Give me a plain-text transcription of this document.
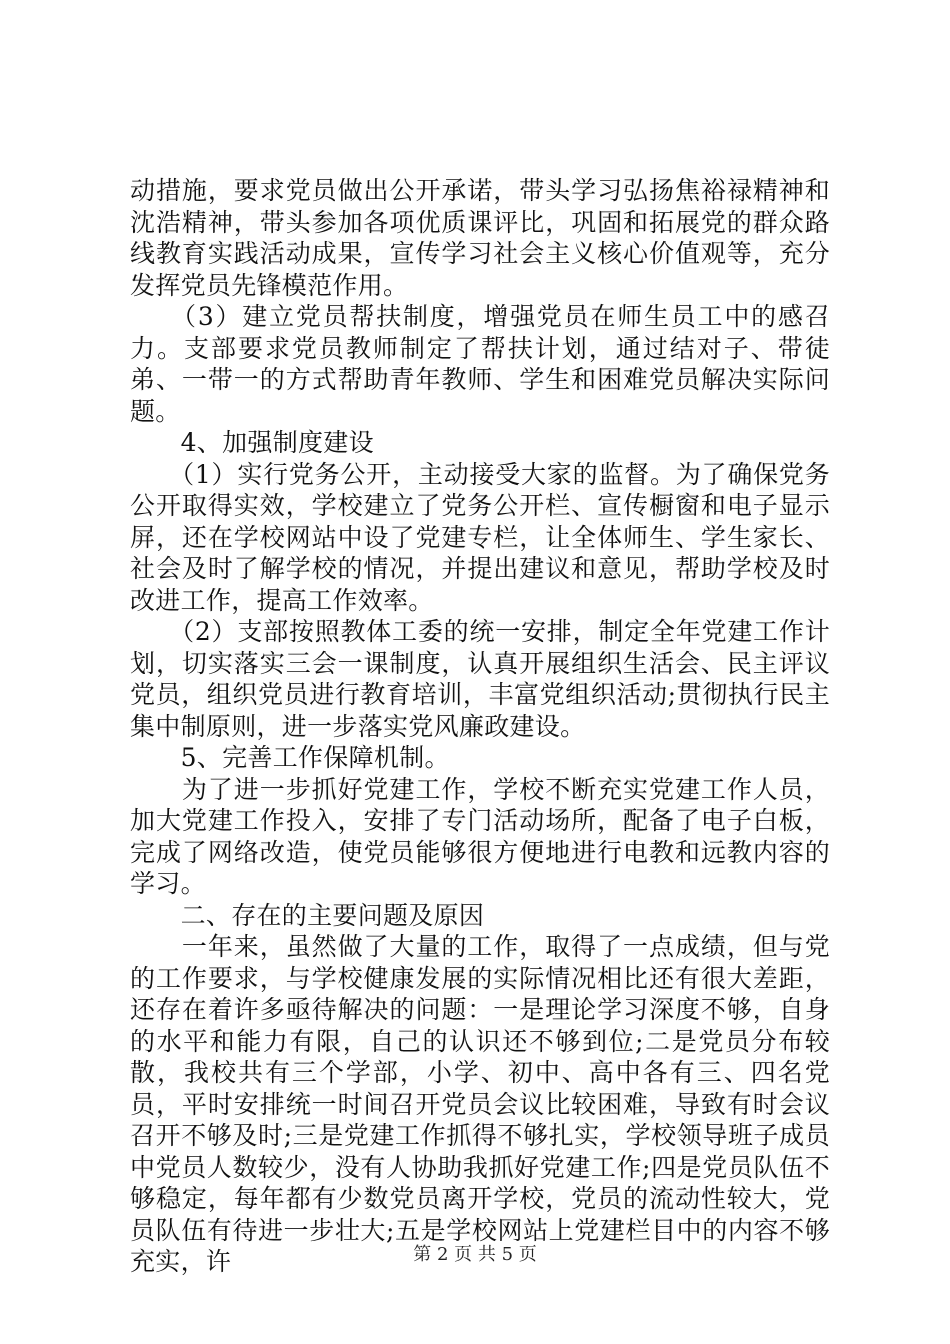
动措施，要求党员做出公开承诺，带头学习弘扬焦裕禄精神和沈浩精神，带头参加各项优质课评比，巩固和拓展党的群众路线教育实践活动成果，宣传学习社会主义核心价值观等，充分发挥党员先锋模范作用。

　　（3）建立党员帮扶制度，增强党员在师生员工中的感召力。支部要求党员教师制定了帮扶计划，通过结对子、带徒弟、一带一的方式帮助青年教师、学生和困难党员解决实际问题。

　　4、加强制度建设

　　（1）实行党务公开，主动接受大家的监督。为了确保党务公开取得实效，学校建立了党务公开栏、宣传橱窗和电子显示屏，还在学校网站中设了党建专栏，让全体师生、学生家长、社会及时了解学校的情况，并提出建议和意见，帮助学校及时改进工作，提高工作效率。

　　（2）支部按照教体工委的统一安排，制定全年党建工作计划，切实落实三会一课制度，认真开展组织生活会、民主评议党员，组织党员进行教育培训，丰富党组织活动;贯彻执行民主集中制原则，进一步落实党风廉政建设。

　　5、完善工作保障机制。

　　为了进一步抓好党建工作，学校不断充实党建工作人员，加大党建工作投入，安排了专门活动场所，配备了电子白板，完成了网络改造，使党员能够很方便地进行电教和远教内容的学习。

　　二、存在的主要问题及原因

　　一年来，虽然做了大量的工作，取得了一点成绩，但与党的工作要求，与学校健康发展的实际情况相比还有很大差距，还存在着许多亟待解决的问题：一是理论学习深度不够，自身的水平和能力有限，自己的认识还不够到位;二是党员分布较散，我校共有三个学部，小学、初中、高中各有三、四名党员，平时安排统一时间召开党员会议比较困难，导致有时会议召开不够及时;三是党建工作抓得不够扎实，学校领导班子成员中党员人数较少，没有人协助我抓好党建工作;四是党员队伍不够稳定，每年都有少数党员离开学校，党员的流动性较大，党员队伍有待进一步壮大;五是学校网站上党建栏目中的内容不够充实，许	第 2 页 共 5 页
